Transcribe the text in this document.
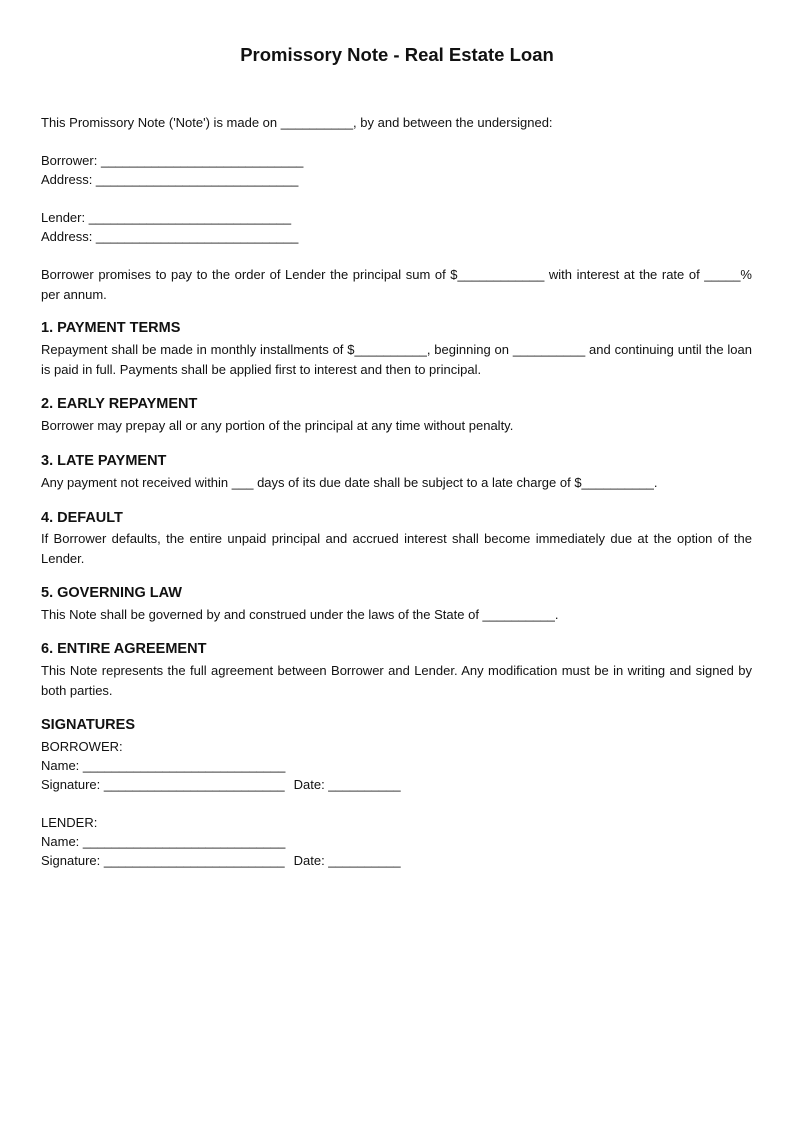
Promissory Note - Real Estate Loan

This Promissory Note ('Note') is made on __________, by and between the undersigned:

Borrower: ____________________________

Address: ____________________________

Lender: ____________________________

Address: ____________________________

Borrower promises to pay to the order of Lender the principal sum of $____________ with interest at the rate of _____% per annum.

1. PAYMENT TERMS

Repayment shall be made in monthly installments of $__________, beginning on __________ and continuing until the loan is paid in full. Payments shall be applied first to interest and then to principal.

2. EARLY REPAYMENT

Borrower may prepay all or any portion of the principal at any time without penalty.

3. LATE PAYMENT

Any payment not received within ___ days of its due date shall be subject to a late charge of $__________.

4. DEFAULT

If Borrower defaults, the entire unpaid principal and accrued interest shall become immediately due at the option of the Lender.

5. GOVERNING LAW

This Note shall be governed by and construed under the laws of the State of __________.

6. ENTIRE AGREEMENT

This Note represents the full agreement between Borrower and Lender. Any modification must be in writing and signed by both parties.

SIGNATURES

BORROWER:

Name: ____________________________

Signature: _________________________ Date: __________

LENDER:

Name: ____________________________

Signature: _________________________ Date: __________
